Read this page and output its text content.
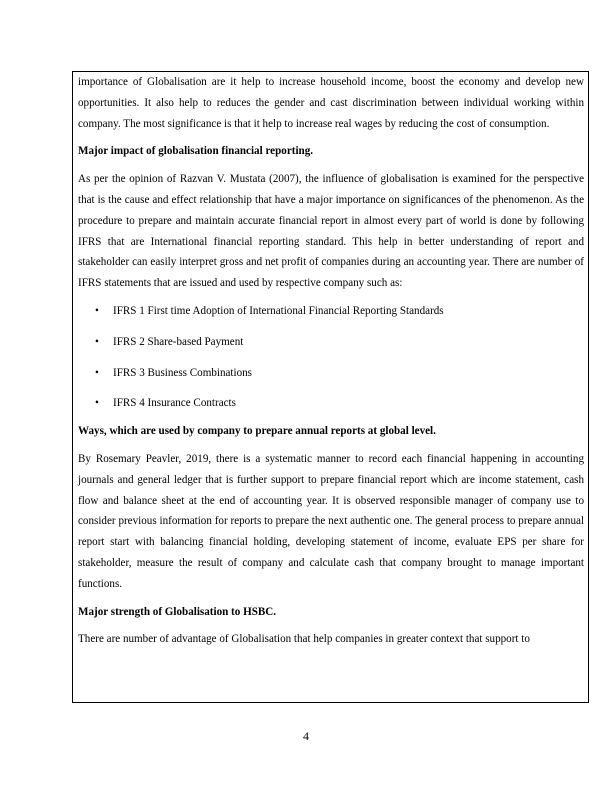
importance of Globalisation are it help to increase household income, boost the economy and develop new opportunities. It also help to reduces the gender and cast discrimination between individual working within company. The most significance is that it help to increase real wages by reducing the cost of consumption.

Major impact of globalisation financial reporting.

As per the opinion of Razvan V. Mustata (2007), the influence of globalisation is examined for the perspective that is the cause and effect relationship that have a major importance on significances of the phenomenon. As the procedure to prepare and maintain accurate financial report in almost every part of world is done by following IFRS that are International financial reporting standard. This help in better understanding of report and stakeholder can easily interpret gross and net profit of companies during an accounting year. There are number of IFRS statements that are issued and used by respective company such as:

• IFRS 1 First time Adoption of International Financial Reporting Standards
• IFRS 2 Share-based Payment
• IFRS 3 Business Combinations
• IFRS 4 Insurance Contracts

Ways, which are used by company to prepare annual reports at global level.

By Rosemary Peavler, 2019, there is a systematic manner to record each financial happening in accounting journals and general ledger that is further support to prepare financial report which are income statement, cash flow and balance sheet at the end of accounting year. It is observed responsible manager of company use to consider previous information for reports to prepare the next authentic one. The general process to prepare annual report start with balancing financial holding, developing statement of income, evaluate EPS per share for stakeholder, measure the result of company and calculate cash that company brought to manage important functions.

Major strength of Globalisation to HSBC.

There are number of advantage of Globalisation that help companies in greater context that support to

4
